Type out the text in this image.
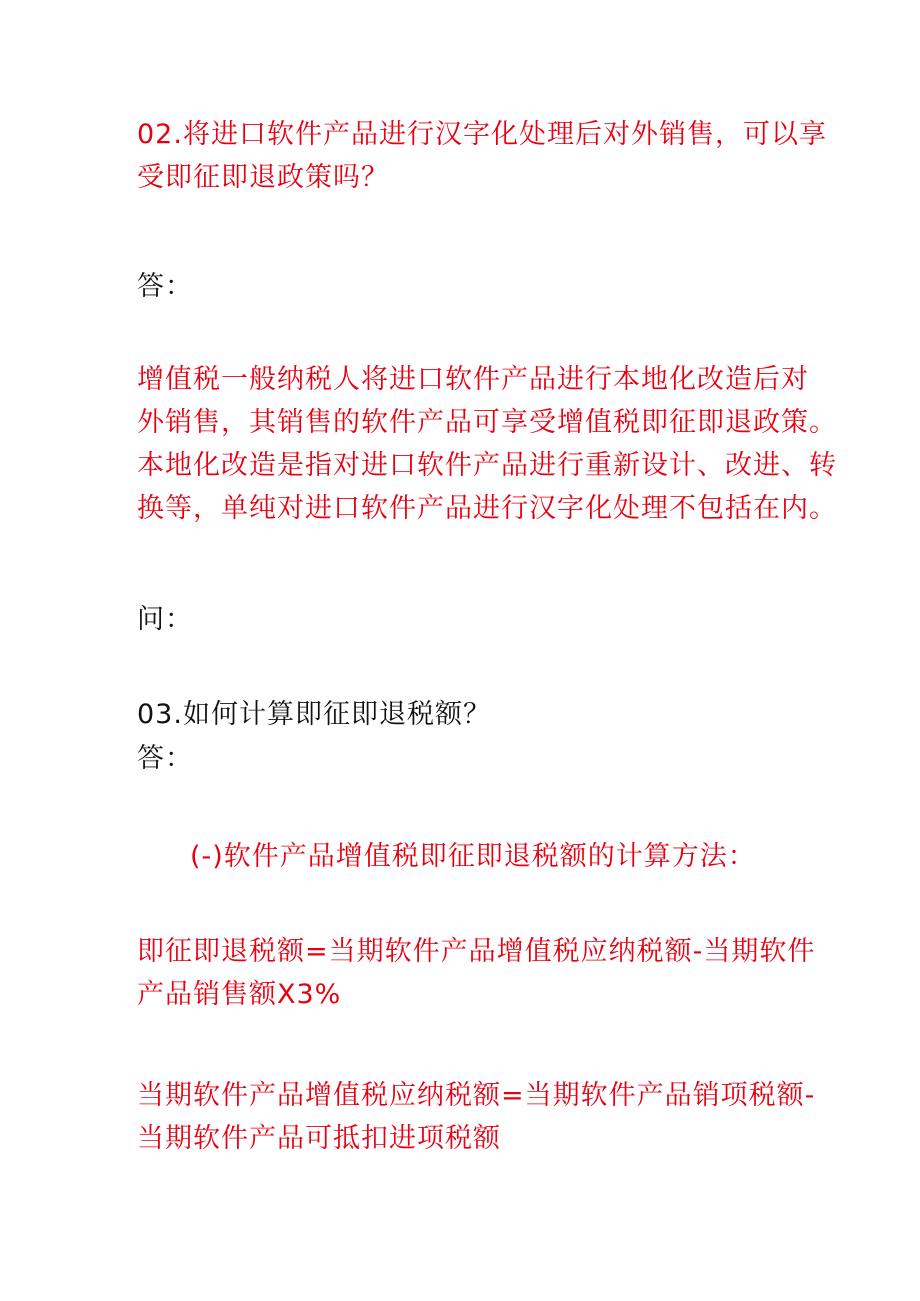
02.将进口软件产品进行汉字化处理后对外销售，可以享
受即征即退政策吗？
答：
增值税一般纳税人将进口软件产品进行本地化改造后对
外销售，其销售的软件产品可享受增值税即征即退政策。
本地化改造是指对进口软件产品进行重新设计、改进、转
换等，单纯对进口软件产品进行汉字化处理不包括在内。
问：
03.如何计算即征即退税额？
答：
(-)软件产品增值税即征即退税额的计算方法：
即征即退税额=当期软件产品增值税应纳税额-当期软件
产品销售额X3%
当期软件产品增值税应纳税额=当期软件产品销项税额-
当期软件产品可抵扣进项税额
